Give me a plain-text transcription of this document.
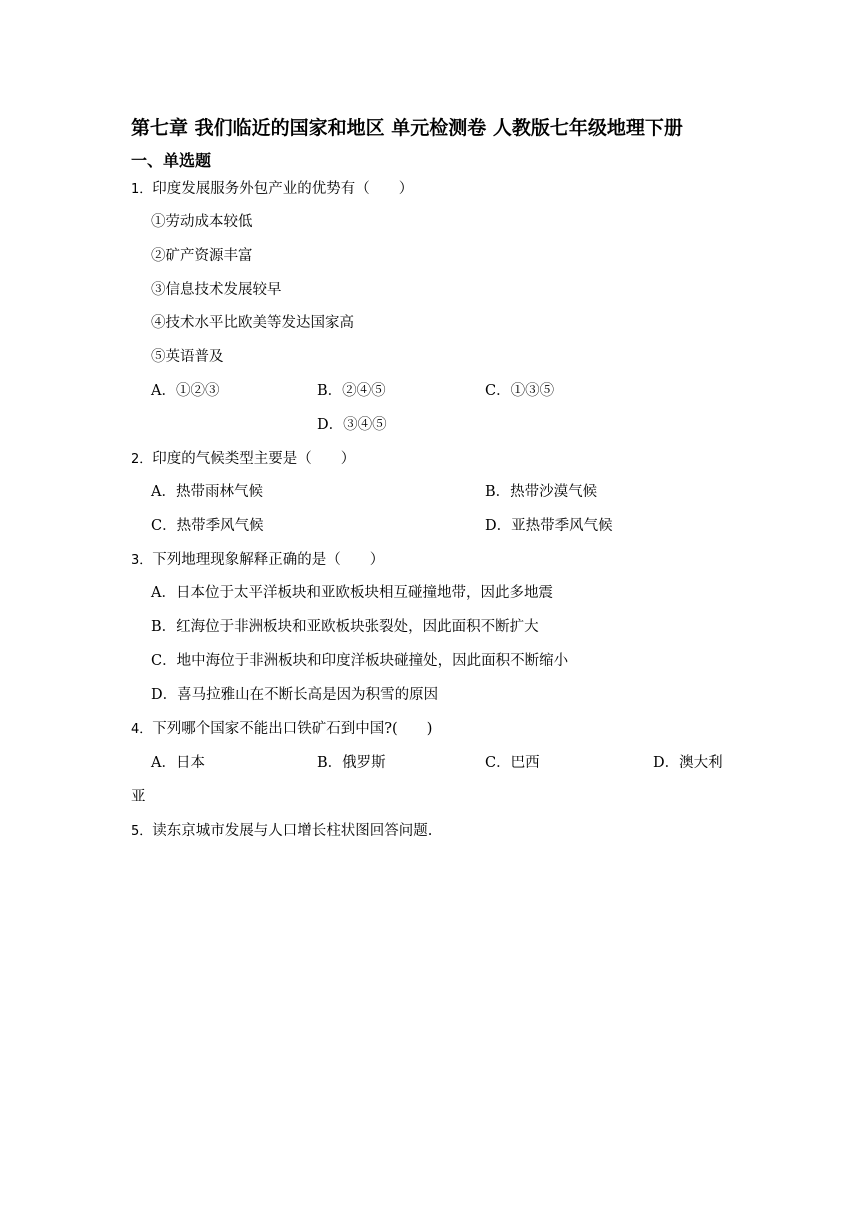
第七章 我们临近的国家和地区 单元检测卷 人教版七年级地理下册
一、单选题
1．印度发展服务外包产业的优势有（　　）
①劳动成本较低
②矿产资源丰富
③信息技术发展较早
④技术水平比欧美等发达国家高
⑤英语普及
A．①②③	B．②④⑤	C．①③⑤
D．③④⑤
2．印度的气候类型主要是（　　）
A．热带雨林气候	B．热带沙漠气候
C．热带季风气候	D．亚热带季风气候
3．下列地理现象解释正确的是（　　）
A．日本位于太平洋板块和亚欧板块相互碰撞地带，因此多地震
B．红海位于非洲板块和亚欧板块张裂处，因此面积不断扩大
C．地中海位于非洲板块和印度洋板块碰撞处，因此面积不断缩小
D．喜马拉雅山在不断长高是因为积雪的原因
4．下列哪个国家不能出口铁矿石到中国?(　　)
A．日本	B．俄罗斯	C．巴西	D．澳大利
亚
5．读东京城市发展与人口增长柱状图回答问题.
